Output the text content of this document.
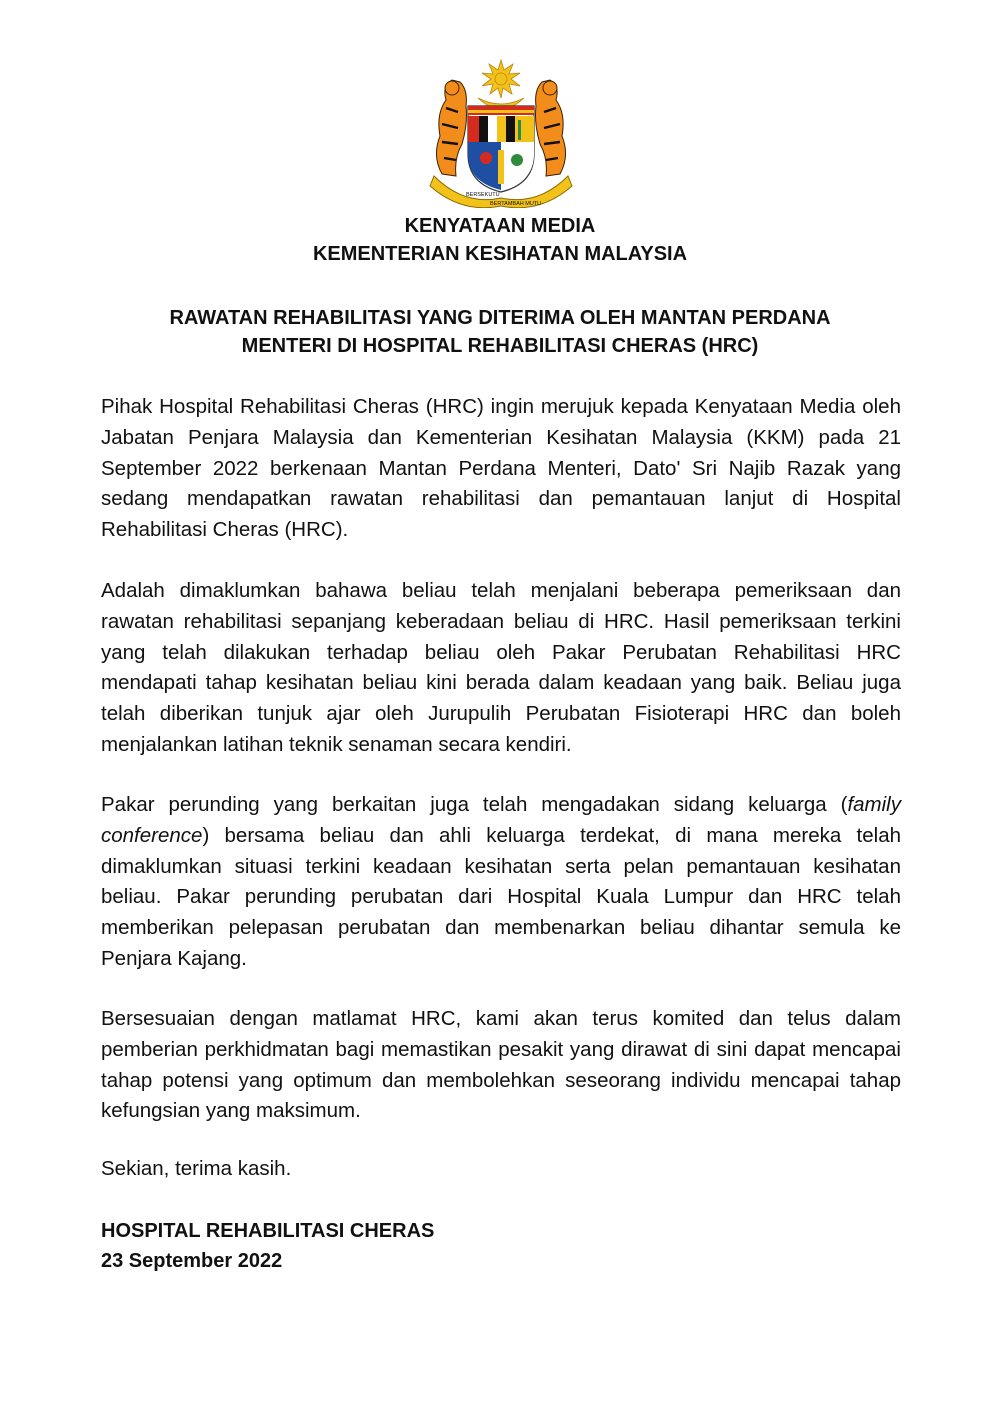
BERSEKUTU
BERTAMBAH MUTU
KENYATAAN MEDIA
KEMENTERIAN KESIHATAN MALAYSIA
RAWATAN REHABILITASI YANG DITERIMA OLEH MANTAN PERDANA
MENTERI DI HOSPITAL REHABILITASI CHERAS (HRC)

Pihak Hospital Rehabilitasi Cheras (HRC) ingin merujuk kepada Kenyataan Media oleh Jabatan Penjara Malaysia dan Kementerian Kesihatan Malaysia (KKM) pada 21 September 2022 berkenaan Mantan Perdana Menteri, Dato' Sri Najib Razak yang sedang mendapatkan rawatan rehabilitasi dan pemantauan lanjut di Hospital Rehabilitasi Cheras (HRC).

Adalah dimaklumkan bahawa beliau telah menjalani beberapa pemeriksaan dan rawatan rehabilitasi sepanjang keberadaan beliau di HRC. Hasil pemeriksaan terkini yang telah dilakukan terhadap beliau oleh Pakar Perubatan Rehabilitasi HRC mendapati tahap kesihatan beliau kini berada dalam keadaan yang baik. Beliau juga telah diberikan tunjuk ajar oleh Jurupulih Perubatan Fisioterapi HRC dan boleh menjalankan latihan teknik senaman secara kendiri.

Pakar perunding yang berkaitan juga telah mengadakan sidang keluarga (family conference) bersama beliau dan ahli keluarga terdekat, di mana mereka telah dimaklumkan situasi terkini keadaan kesihatan serta pelan pemantauan kesihatan beliau. Pakar perunding perubatan dari Hospital Kuala Lumpur dan HRC telah memberikan pelepasan perubatan dan membenarkan beliau dihantar semula ke Penjara Kajang.

Bersesuaian dengan matlamat HRC, kami akan terus komited dan telus dalam pemberian perkhidmatan bagi memastikan pesakit yang dirawat di sini dapat mencapai tahap potensi yang optimum dan membolehkan seseorang individu mencapai tahap kefungsian yang maksimum.

Sekian, terima kasih.

HOSPITAL REHABILITASI CHERAS
23 September 2022
